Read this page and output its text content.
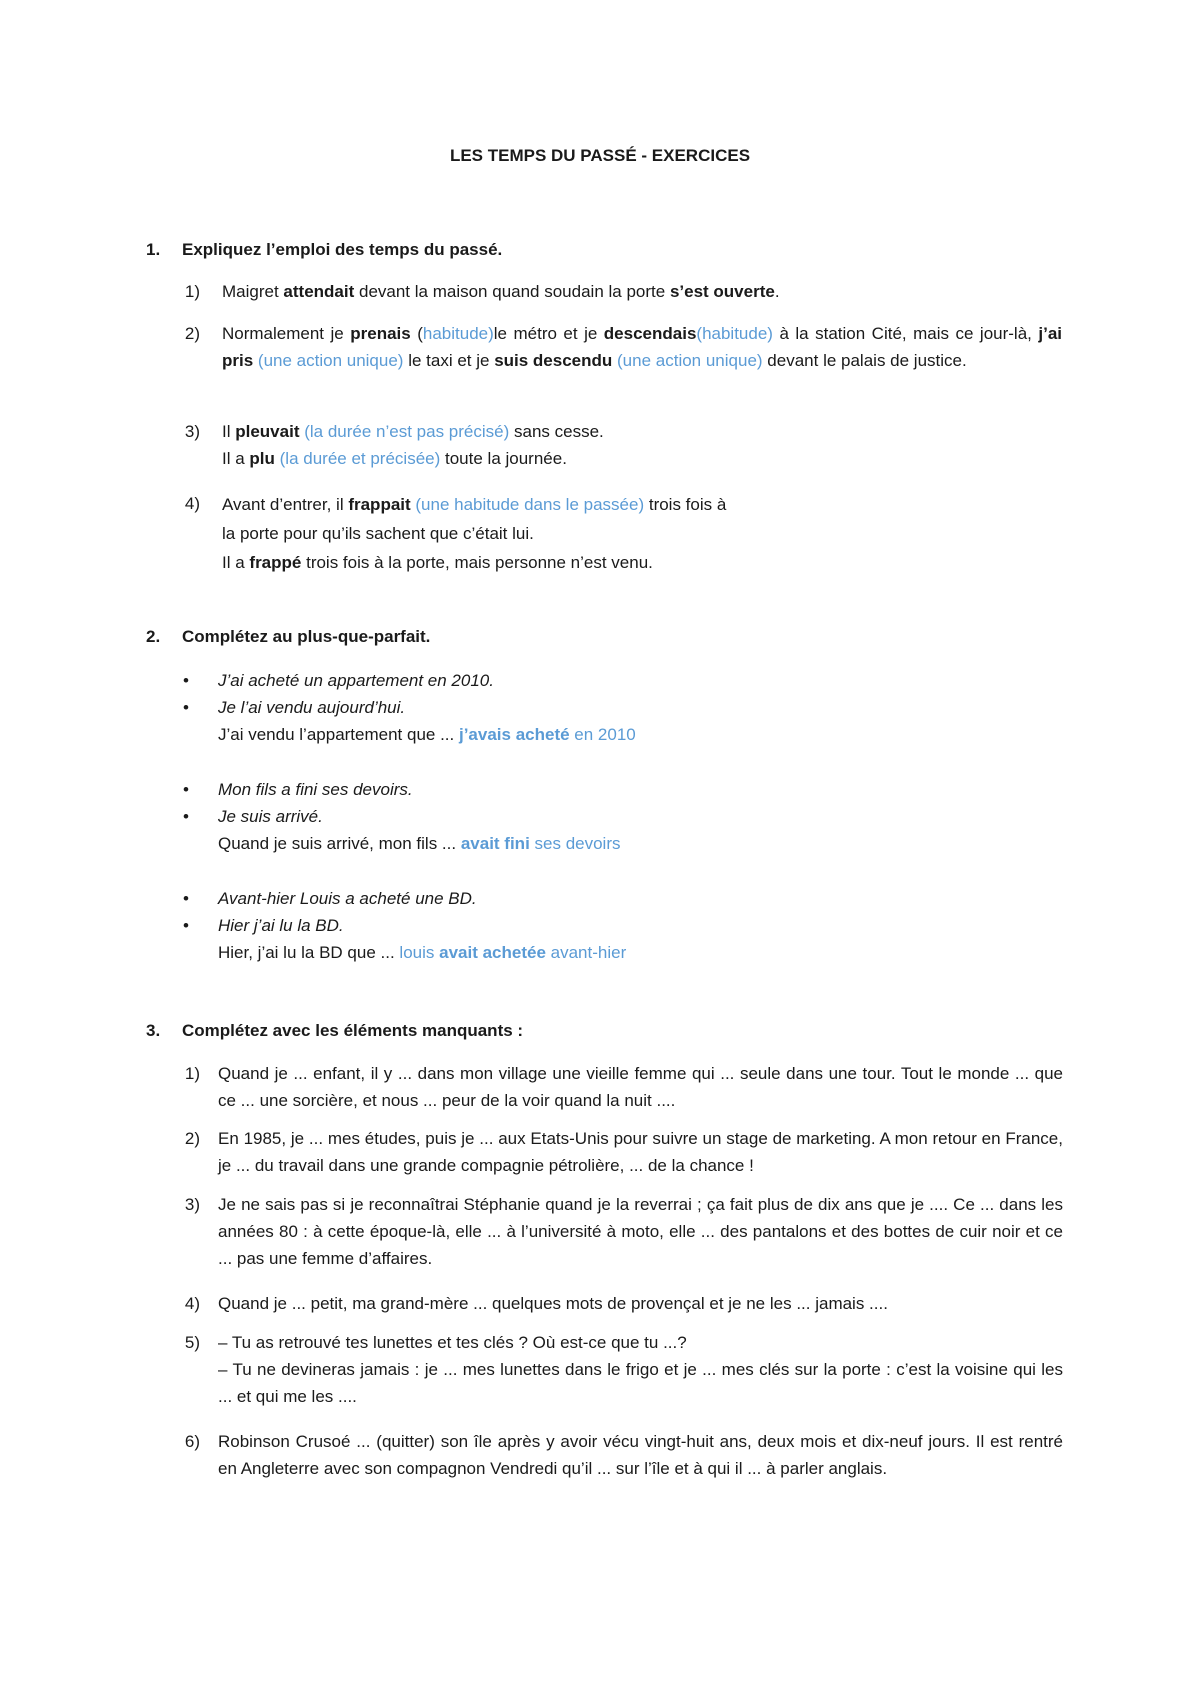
LES TEMPS DU PASSÉ - EXERCICES
1. Expliquez l’emploi des temps du passé.
1) Maigret attendait devant la maison quand soudain la porte s’est ouverte.
2) Normalement je prenais (habitude)le métro et je descendais(habitude) à la station Cité, mais ce jour-là, j’ai pris (une action unique) le taxi et je suis descendu (une action unique) devant le palais de justice.
3) Il pleuvait (la durée n’est pas précisé) sans cesse.
Il a plu (la durée et précisée) toute la journée.
4) Avant d’entrer, il frappait (une habitude dans le passée) trois fois à
la porte pour qu’ils sachent que c’était lui.
Il a frappé trois fois à la porte, mais personne n’est venu.
2. Complétez au plus-que-parfait.
•
•
J’ai acheté un appartement en 2010.
Je l’ai vendu aujourd’hui.
J’ai vendu l’appartement que ... j’avais acheté en 2010
•
•
Mon fils a fini ses devoirs.
Je suis arrivé.
Quand je suis arrivé, mon fils ... avait fini ses devoirs
•
•
Avant-hier Louis a acheté une BD.
Hier j’ai lu la BD.
Hier, j’ai lu la BD que ... louis avait achetée avant-hier
3. Complétez avec les éléments manquants :
1) Quand je ... enfant, il y ... dans mon village une vieille femme qui ... seule dans une tour. Tout le monde ... que ce ... une sorcière, et nous ... peur de la voir quand la nuit ....
2) En 1985, je ... mes études, puis je ... aux Etats-Unis pour suivre un stage de marketing. A mon retour en France, je ... du travail dans une grande compagnie pétrolière, ... de la chance !
3) Je ne sais pas si je reconnaîtrai Stéphanie quand je la reverrai ; ça fait plus de dix ans que je .... Ce ... dans les années 80 : à cette époque-là, elle ... à l’université à moto, elle ... des pantalons et des bottes de cuir noir et ce ... pas une femme d’affaires.
4) Quand je ... petit, ma grand-mère ... quelques mots de provençal et je ne les ... jamais ....
5) – Tu as retrouvé tes lunettes et tes clés ? Où est-ce que tu ...?
– Tu ne devineras jamais : je ... mes lunettes dans le frigo et je ... mes clés sur la porte : c’est la voisine qui les ... et qui me les ....
6) Robinson Crusoé ... (quitter) son île après y avoir vécu vingt-huit ans, deux mois et dix-neuf jours. Il est rentré en Angleterre avec son compagnon Vendredi qu’il ... sur l’île et à qui il ... à parler anglais.
